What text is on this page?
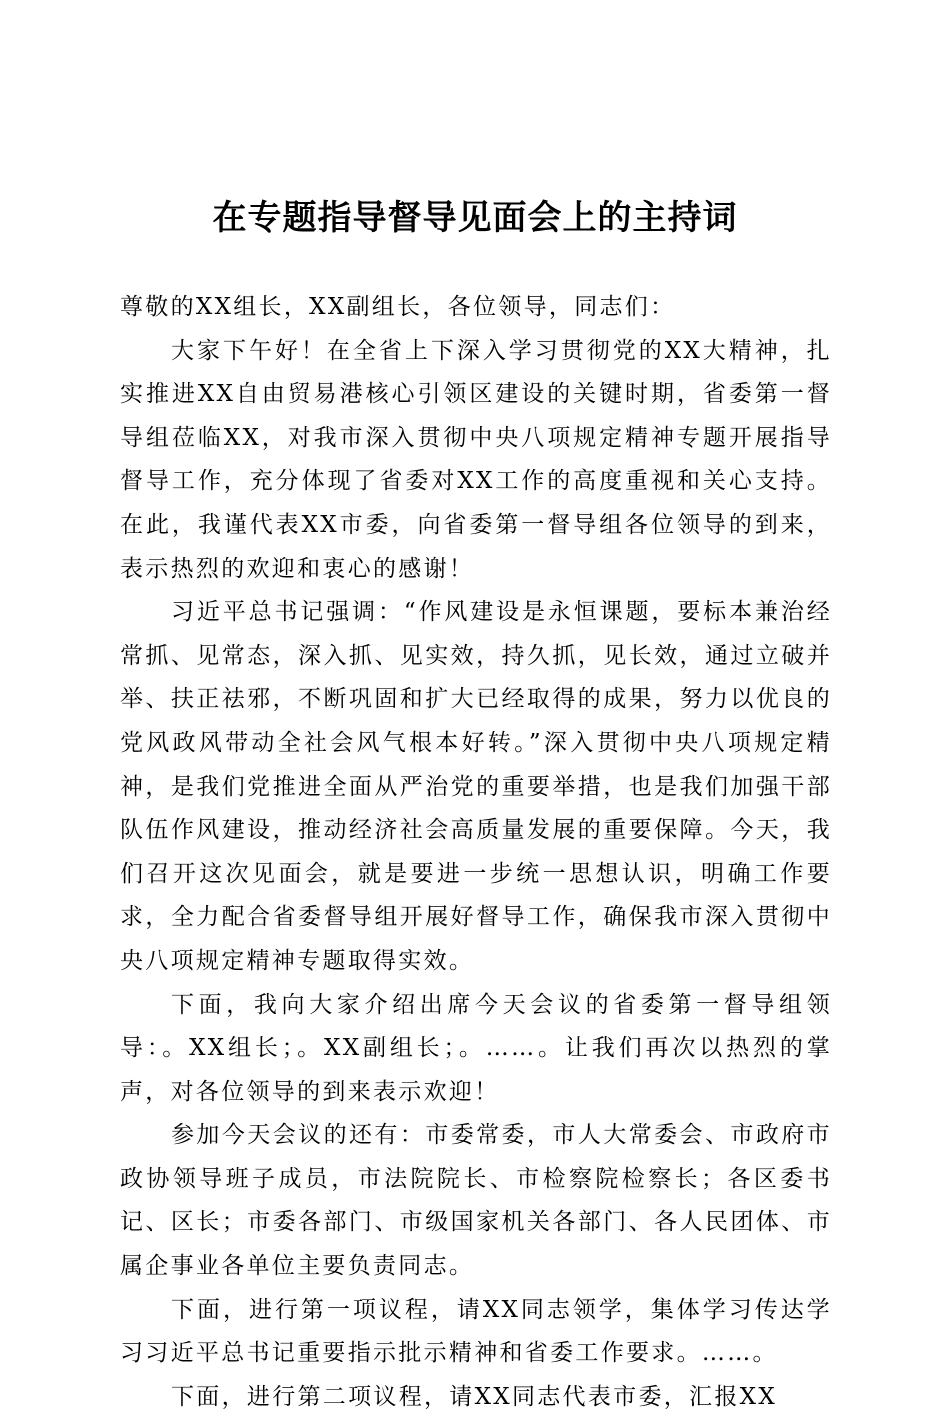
在专题指导督导见面会上的主持词

尊敬的XX组长，XX副组长，各位领导，同志们：

大家下午好！在全省上下深入学习贯彻党的XX大精神，扎实推进XX自由贸易港核心引领区建设的关键时期，省委第一督导组莅临XX，对我市深入贯彻中央八项规定精神专题开展指导督导工作，充分体现了省委对XX工作的高度重视和关心支持。在此，我谨代表XX市委，向省委第一督导组各位领导的到来，表示热烈的欢迎和衷心的感谢！

习近平总书记强调：“作风建设是永恒课题，要标本兼治经常抓、见常态，深入抓、见实效，持久抓，见长效，通过立破并举、扶正祛邪，不断巩固和扩大已经取得的成果，努力以优良的党风政风带动全社会风气根本好转。”深入贯彻中央八项规定精神，是我们党推进全面从严治党的重要举措，也是我们加强干部队伍作风建设，推动经济社会高质量发展的重要保障。今天，我们召开这次见面会，就是要进一步统一思想认识，明确工作要求，全力配合省委督导组开展好督导工作，确保我市深入贯彻中央八项规定精神专题取得实效。

下面，我向大家介绍出席今天会议的省委第一督导组领导：。XX组长；。XX副组长；。……。让我们再次以热烈的掌声，对各位领导的到来表示欢迎！

参加今天会议的还有：市委常委，市人大常委会、市政府市政协领导班子成员，市法院院长、市检察院检察长；各区委书记、区长；市委各部门、市级国家机关各部门、各人民团体、市属企事业各单位主要负责同志。

下面，进行第一项议程，请XX同志领学，集体学习传达学习习近平总书记重要指示批示精神和省委工作要求。……。

下面，进行第二项议程，请XX同志代表市委，汇报XX
